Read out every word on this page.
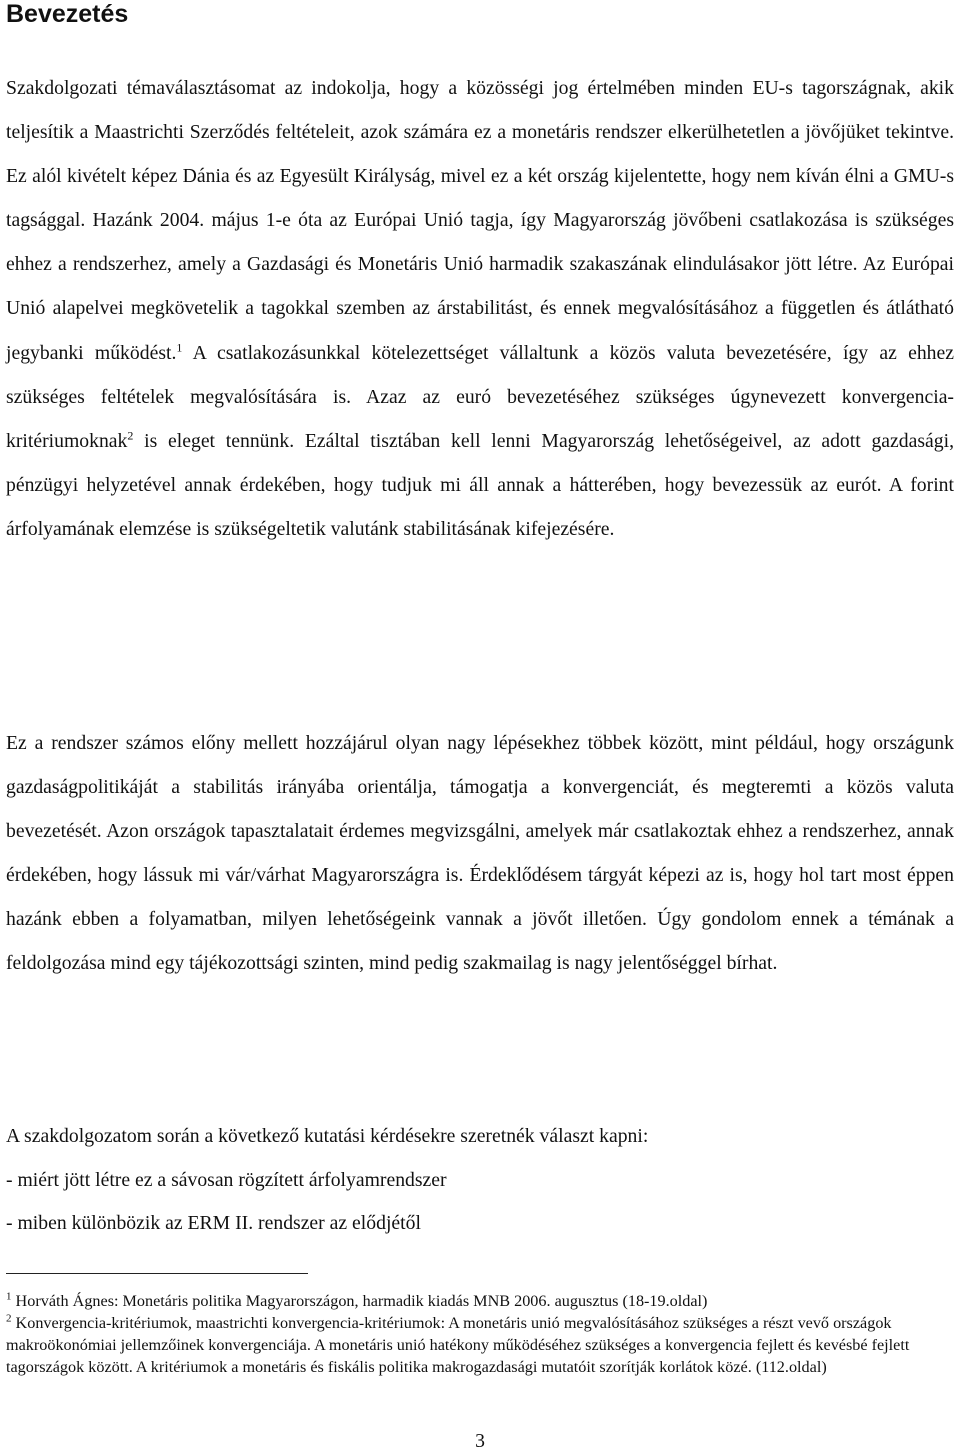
Bevezetés

Szakdolgozati témaválasztásomat az indokolja, hogy a közösségi jog értelmében minden EU-s tagországnak, akik teljesítik a Maastrichti Szerződés feltételeit, azok számára ez a monetáris rendszer elkerülhetetlen a jövőjüket tekintve. Ez alól kivételt képez Dánia és az Egyesült Királyság, mivel ez a két ország kijelentette, hogy nem kíván élni a GMU-s tagsággal. Hazánk 2004. május 1-e óta az Európai Unió tagja, így Magyarország jövőbeni csatlakozása is szükséges ehhez a rendszerhez, amely a Gazdasági és Monetáris Unió harmadik szakaszának elindulásakor jött létre. Az Európai Unió alapelvei megkövetelik a tagokkal szemben az árstabilitást, és ennek megvalósításához a független és átlátható jegybanki működést.$^1$ A csatlakozásunkkal kötelezettséget vállaltunk a közös valuta bevezetésére, így az ehhez szükséges feltételek megvalósítására is. Azaz az euró bevezetéséhez szükséges úgynevezett konvergencia-kritériumoknak$^2$ is eleget tennünk. Ezáltal tisztában kell lenni Magyarország lehetőségeivel, az adott gazdasági, pénzügyi helyzetével annak érdekében, hogy tudjuk mi áll annak a hátterében, hogy bevezessük az eurót. A forint árfolyamának elemzése is szükségeltetik valutánk stabilitásának kifejezésére.

Ez a rendszer számos előny mellett hozzájárul olyan nagy lépésekhez többek között, mint például, hogy országunk gazdaságpolitikáját a stabilitás irányába orientálja, támogatja a konvergenciát, és megteremti a közös valuta bevezetését. Azon országok tapasztalatait érdemes megvizsgálni, amelyek már csatlakoztak ehhez a rendszerhez, annak érdekében, hogy lássuk mi vár/várhat Magyarországra is. Érdeklődésem tárgyát képezi az is, hogy hol tart most éppen hazánk ebben a folyamatban, milyen lehetőségeink vannak a jövőt illetően. Úgy gondolom ennek a témának a feldolgozása mind egy tájékozottsági szinten, mind pedig szakmailag is nagy jelentőséggel bírhat.

A szakdolgozatom során a következő kutatási kérdésekre szeretnék választ kapni:

- miért jött létre ez a sávosan rögzített árfolyamrendszer

- miben különbözik az ERM II. rendszer az elődjétől

$^1$ Horváth Ágnes: Monetáris politika Magyarországon, harmadik kiadás MNB 2006. augusztus (18-19.oldal)

$^2$ Konvergencia-kritériumok, maastrichti konvergencia-kritériumok: A monetáris unió megvalósításához szükséges a részt vevő országok makroökonómiai jellemzőinek konvergenciája. A monetáris unió hatékony működéséhez szükséges a konvergencia fejlett és kevésbé fejlett tagországok között. A kritériumok a monetáris és fiskális politika makrogazdasági mutatóit szorítják korlátok közé. (112.oldal)

3
